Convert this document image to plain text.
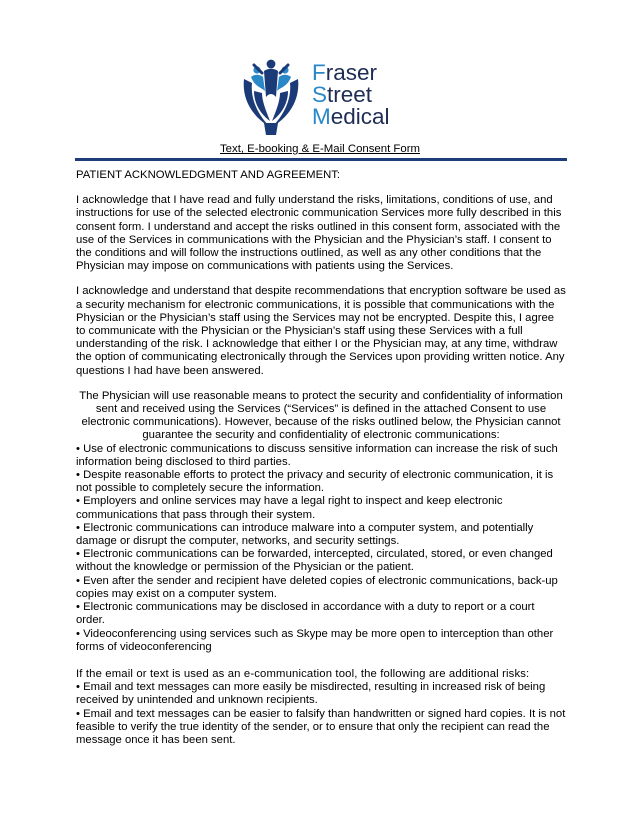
Fraser
Street
Medical
Text, E-booking & E-Mail Consent Form

PATIENT ACKNOWLEDGMENT AND AGREEMENT:

I acknowledge that I have read and fully understand the risks, limitations, conditions of use, and instructions for use of the selected electronic communication Services more fully described in this consent form. I understand and accept the risks outlined in this consent form, associated with the use of the Services in communications with the Physician and the Physician’s staff. I consent to the conditions and will follow the instructions outlined, as well as any other conditions that the Physician may impose on communications with patients using the Services.

I acknowledge and understand that despite recommendations that encryption software be used as a security mechanism for electronic communications, it is possible that communications with the Physician or the Physician’s staff using the Services may not be encrypted. Despite this, I agree to communicate with the Physician or the Physician’s staff using these Services with a full understanding of the risk. I acknowledge that either I or the Physician may, at any time, withdraw the option of communicating electronically through the Services upon providing written notice. Any questions I had have been answered.

The Physician will use reasonable means to protect the security and confidentiality of information sent and received using the Services (“Services” is defined in the attached Consent to use electronic communications). However, because of the risks outlined below, the Physician cannot guarantee the security and confidentiality of electronic communications:

• Use of electronic communications to discuss sensitive information can increase the risk of such information being disclosed to third parties.
• Despite reasonable efforts to protect the privacy and security of electronic communication, it is not possible to completely secure the information.
• Employers and online services may have a legal right to inspect and keep electronic communications that pass through their system.
• Electronic communications can introduce malware into a computer system, and potentially damage or disrupt the computer, networks, and security settings.
• Electronic communications can be forwarded, intercepted, circulated, stored, or even changed without the knowledge or permission of the Physician or the patient.
• Even after the sender and recipient have deleted copies of electronic communications, back-up copies may exist on a computer system.
• Electronic communications may be disclosed in accordance with a duty to report or a court order.
• Videoconferencing using services such as Skype may be more open to interception than other forms of videoconferencing

If the email or text is used as an e-communication tool, the following are additional risks:

• Email and text messages can more easily be misdirected, resulting in increased risk of being received by unintended and unknown recipients.
• Email and text messages can be easier to falsify than handwritten or signed hard copies. It is not feasible to verify the true identity of the sender, or to ensure that only the recipient can read the message once it has been sent.
